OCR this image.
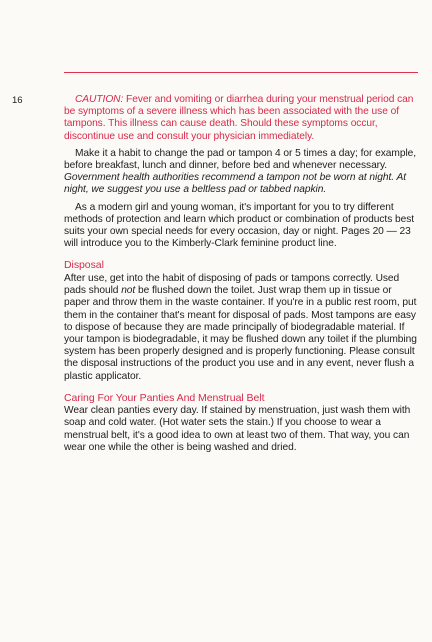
16	CAUTION: Fever and vomiting or diarrhea during your menstrual period can be symptoms of a severe illness which has been associated with the use of tampons. This illness can cause death. Should these symptoms occur, discontinue use and consult your physician immediately.

Make it a habit to change the pad or tampon 4 or 5 times a day; for example, before breakfast, lunch and dinner, before bed and whenever necessary. Government health authorities recommend a tampon not be worn at night. At night, we suggest you use a beltless pad or tabbed napkin.

As a modern girl and young woman, it's important for you to try different methods of protection and learn which product or combination of products best suits your own special needs for every occasion, day or night. Pages 20 — 23 will introduce you to the Kimberly-Clark feminine product line.

Disposal

After use, get into the habit of disposing of pads or tampons correctly. Used pads should not be flushed down the toilet. Just wrap them up in tissue or paper and throw them in the waste container. If you're in a public rest room, put them in the container that's meant for disposal of pads. Most tampons are easy to dispose of because they are made principally of biodegradable material. If your tampon is biodegradable, it may be flushed down any toilet if the plumbing system has been properly designed and is properly functioning. Please consult the disposal instructions of the product you use and in any event, never flush a plastic applicator.

Caring For Your Panties And Menstrual Belt

Wear clean panties every day. If stained by menstruation, just wash them with soap and cold water. (Hot water sets the stain.) If you choose to wear a menstrual belt, it's a good idea to own at least two of them. That way, you can wear one while the other is being washed and dried.
